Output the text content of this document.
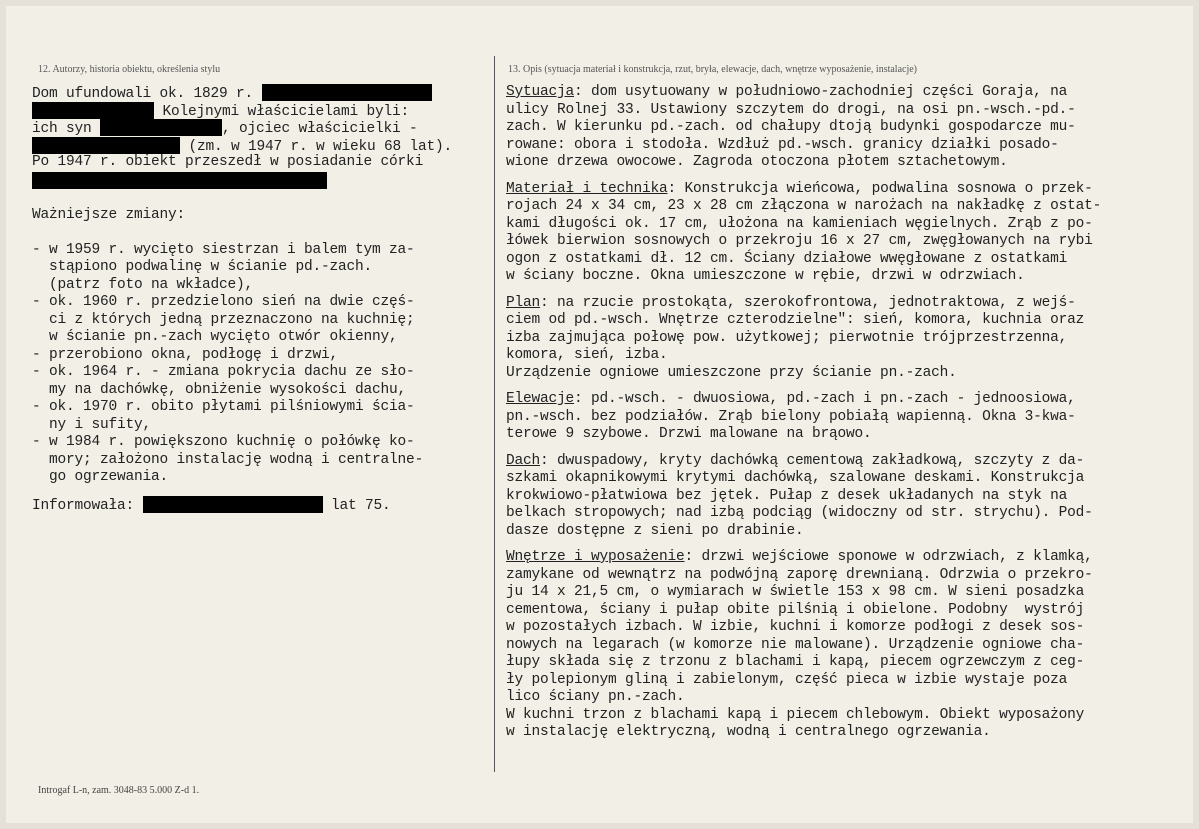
12. Autorzy, historia obiektu, określenia stylu	13. Opis (sytuacja materiał i konstrukcja, rzut, bryła, elewacje, dach, wnętrze wyposażenie, instalacje)
Dom ufundowali ok. 1829 r.
Kolejnymi właścicielami byli:
ich syn	, ojciec właścicielki -
(zm. w 1947 r. w wieku 68 lat).
Po 1947 r. obiekt przeszedł w posiadanie córki
Ważniejsze zmiany:
- w 1959 r. wycięto siestrzan i balem tym za-
stąpiono podwalinę w ścianie pd.-zach.
(patrz foto na wkładce),
- ok. 1960 r. przedzielono sień na dwie częś-
ci z których jedną przeznaczono na kuchnię;
w ścianie pn.-zach wycięto otwór okienny,
- przerobiono okna, podłogę i drzwi,
- ok. 1964 r. - zmiana pokrycia dachu ze sło-
my na dachówkę, obniżenie wysokości dachu,
- ok. 1970 r. obito płytami pilśniowymi ścia-
ny i sufity,
- w 1984 r. powiększono kuchnię o połówkę ko-
mory; założono instalację wodną i centralne-
go ogrzewania.
Informowała:	lat 75.
Sytuacja: dom usytuowany w południowo-zachodniej części Goraja, na
ulicy Rolnej 33. Ustawiony szczytem do drogi, na osi pn.-wsch.-pd.-
zach. W kierunku pd.-zach. od chałupy dtoją budynki gospodarcze mu-
rowane: obora i stodoła. Wzdłuż pd.-wsch. granicy działki posado-
wione drzewa owocowe. Zagroda otoczona płotem sztachetowym.
Materiał i technika: Konstrukcja wieńcowa, podwalina sosnowa o przek-
rojach 24 x 34 cm, 23 x 28 cm złączona w narożach na nakładkę z ostat-
kami długości ok. 17 cm, ułożona na kamieniach węgielnych. Zrąb z po-
łówek bierwion sosnowych o przekroju 16 x 27 cm, zwęgłowanych na rybi
ogon z ostatkami dł. 12 cm. Ściany działowe wwęgłowane z ostatkami
w ściany boczne. Okna umieszczone w rębie, drzwi w odrzwiach.
Plan: na rzucie prostokąta, szerokofrontowa, jednotraktowa, z wejś-
ciem od pd.-wsch. Wnętrze czterodzielne": sień, komora, kuchnia oraz
izba zajmująca połowę pow. użytkowej; pierwotnie trójprzestrzenna,
komora, sień, izba.
Urządzenie ogniowe umieszczone przy ścianie pn.-zach.
Elewacje: pd.-wsch. - dwuosiowa, pd.-zach i pn.-zach - jednoosiowa,
pn.-wsch. bez podziałów. Zrąb bielony pobiałą wapienną. Okna 3-kwa-
terowe 9 szybowe. Drzwi malowane na brąowo.
Dach: dwuspadowy, kryty dachówką cementową zakładkową, szczyty z da-
szkami okapnikowymi krytymi dachówką, szalowane deskami. Konstrukcja
krokwiowo-płatwiowa bez jętek. Pułap z desek układanych na styk na
belkach stropowych; nad izbą podciąg (widoczny od str. strychu). Pod-
dasze dostępne z sieni po drabinie.
Wnętrze i wyposażenie: drzwi wejściowe sponowe w odrzwiach, z klamką,
zamykane od wewnątrz na podwójną zaporę drewnianą. Odrzwia o przekro-
ju 14 x 21,5 cm, o wymiarach w świetle 153 x 98 cm. W sieni posadzka
cementowa, ściany i pułap obite pilśnią i obielone. Podobny  wystrój
w pozostałych izbach. W izbie, kuchni i komorze podłogi z desek sos-
nowych na legarach (w komorze nie malowane). Urządzenie ogniowe cha-
łupy składa się z trzonu z blachami i kapą, piecem ogrzewczym z ceg-
ły polepionym gliną i zabielonym, część pieca w izbie wystaje poza
lico ściany pn.-zach.
W kuchni trzon z blachami kapą i piecem chlebowym. Obiekt wyposażony
w instalację elektryczną, wodną i centralnego ogrzewania.
Introgaf L-n, zam. 3048-83 5.000 Z-d 1.
